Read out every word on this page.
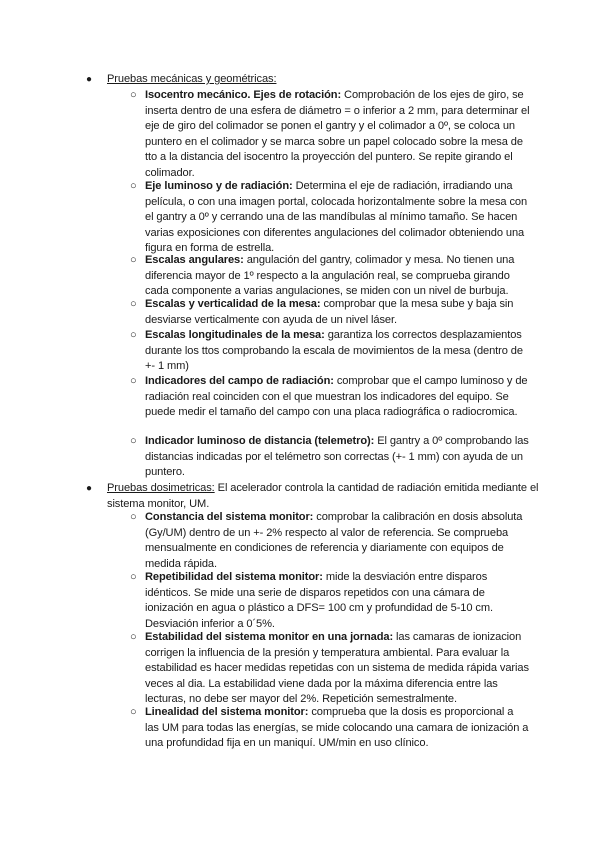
● Pruebas mecánicas y geométricas:
○ Isocentro mecánico. Ejes de rotación: Comprobación de los ejes de giro, se inserta dentro de una esfera de diámetro = o inferior a 2 mm, para determinar el eje de giro del colimador se ponen el gantry y el colimador a 0º, se coloca un puntero en el colimador y se marca sobre un papel colocado sobre la mesa de tto a la distancia del isocentro la proyección del puntero. Se repite girando el colimador.
○ Eje luminoso y de radiación: Determina el eje de radiación, irradiando una película, o con una imagen portal, colocada horizontalmente sobre la mesa con el gantry a 0º y cerrando una de las mandíbulas al mínimo tamaño. Se hacen varias exposiciones con diferentes angulaciones del colimador obteniendo una figura en forma de estrella.
○ Escalas angulares: angulación del gantry, colimador y mesa. No tienen una diferencia mayor de 1º respecto a la angulación real, se comprueba girando cada componente a varias angulaciones, se miden con un nivel de burbuja.
○ Escalas y verticalidad de la mesa: comprobar que la mesa sube y baja sin desviarse verticalmente con ayuda de un nivel láser.
○ Escalas longitudinales de la mesa: garantiza los correctos desplazamientos durante los ttos comprobando la escala de movimientos de la mesa (dentro de +- 1 mm)
○ Indicadores del campo de radiación: comprobar que el campo luminoso y de radiación real coinciden con el que muestran los indicadores del equipo. Se puede medir el tamaño del campo con una placa radiográfica o radiocromica.
○ Indicador luminoso de distancia (telemetro): El gantry a 0º comprobando las distancias indicadas por el telémetro son correctas (+- 1 mm) con ayuda de un puntero.
● Pruebas dosimetricas: El acelerador controla la cantidad de radiación emitida mediante el sistema monitor, UM.
○ Constancia del sistema monitor: comprobar la calibración en dosis absoluta (Gy/UM) dentro de un +- 2% respecto al valor de referencia. Se comprueba mensualmente en condiciones de referencia y diariamente con equipos de medida rápida.
○ Repetibilidad del sistema monitor: mide la desviación entre disparos idénticos. Se mide una serie de disparos repetidos con una cámara de ionización en agua o plástico a DFS= 100 cm y profundidad de 5-10 cm. Desviación inferior a 0´5%.
○ Estabilidad del sistema monitor en una jornada: las camaras de ionizacion corrigen la influencia de la presión y temperatura ambiental. Para evaluar la estabilidad es hacer medidas repetidas con un sistema de medida rápida varias veces al dia. La estabilidad viene dada por la máxima diferencia entre las lecturas, no debe ser mayor del 2%. Repetición semestralmente.
○ Linealidad del sistema monitor: comprueba que la dosis es proporcional a las UM para todas las energías, se mide colocando una camara de ionización a una profundidad fija en un maniquí. UM/min en uso clínico.
